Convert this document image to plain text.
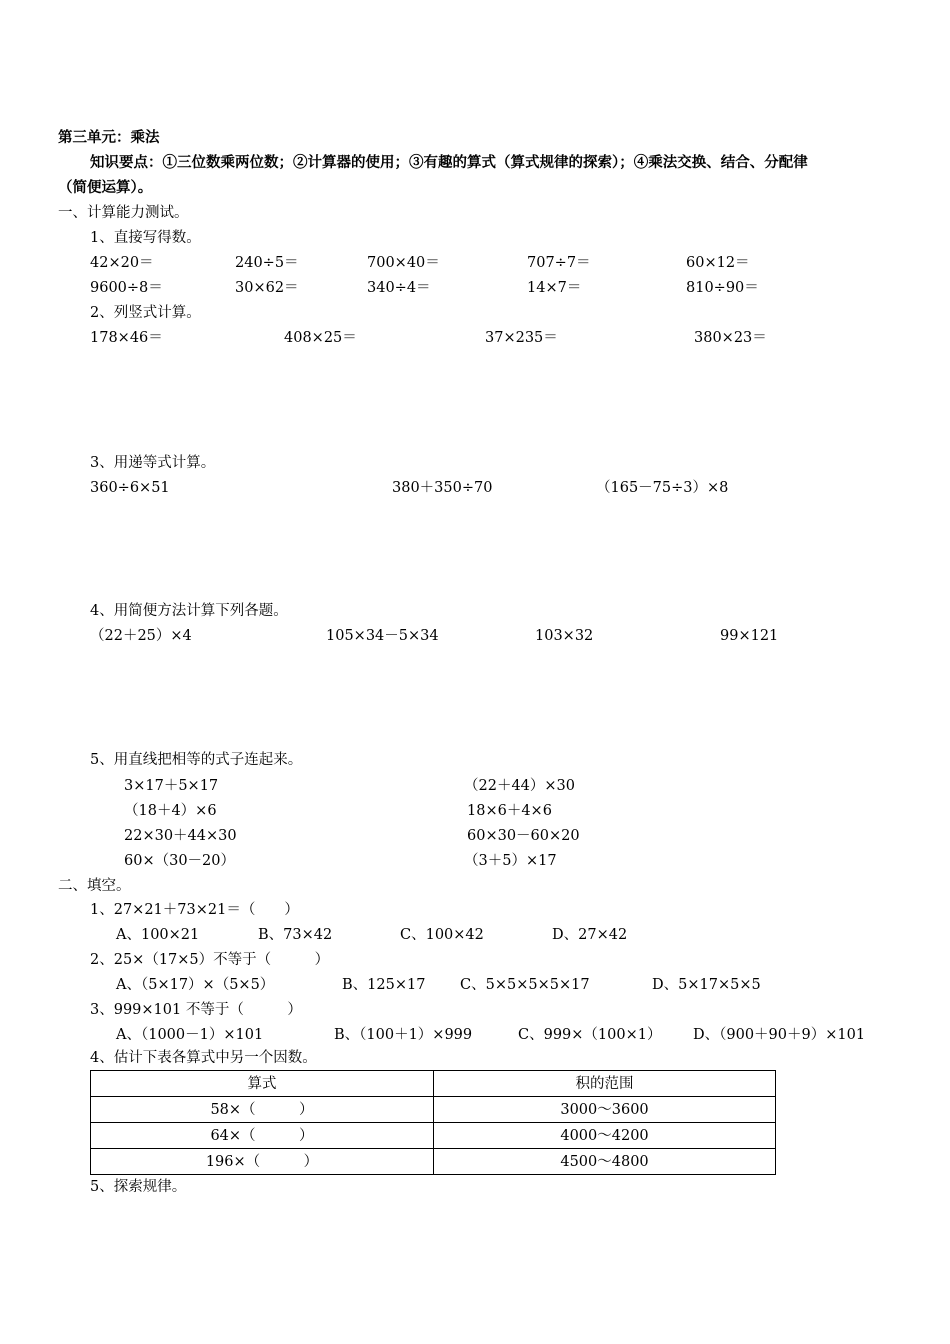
第三单元：乘法
知识要点：①三位数乘两位数；②计算器的使用；③有趣的算式（算式规律的探索）；④乘法交换、结合、分配律
（简便运算）。
一、计算能力测试。
1、直接写得数。
42×20＝	240÷5＝	700×40＝	707÷7＝	60×12＝
9600÷8＝	30×62＝	340÷4＝	14×7＝	810÷90＝
2、列竖式计算。
178×46＝	408×25＝	37×235＝	380×23＝
3、用递等式计算。
360÷6×51	380＋350÷70	（165－75÷3）×8
4、用简便方法计算下列各题。
（22＋25）×4	105×34－5×34	103×32	99×121
5、用直线把相等的式子连起来。
3×17＋5×17
（18＋4）×6
22×30＋44×30
60×（30－20）
（22＋44）×30
18×6＋4×6
60×30－60×20
（3＋5）×17
二、填空。
1、27×21＋73×21＝（　　）
A、100×21	B、73×42	C、100×42	D、27×42
2、25×（17×5）不等于（　　　）
A、（5×17）×（5×5）	B、125×17 C、5×5×5×5×17	D、5×17×5×5
3、999×101 不等于（　　　）
A、（1000－1）×101	B、（100＋1）×999	C、999×（100×1） D、（900＋90＋9）×101
4、估计下表各算式中另一个因数。
算式	积的范围
58×（　　　）	3000～3600
64×（　　　）	4000～4200
196×（　　　）	4500～4800
5、探索规律。
